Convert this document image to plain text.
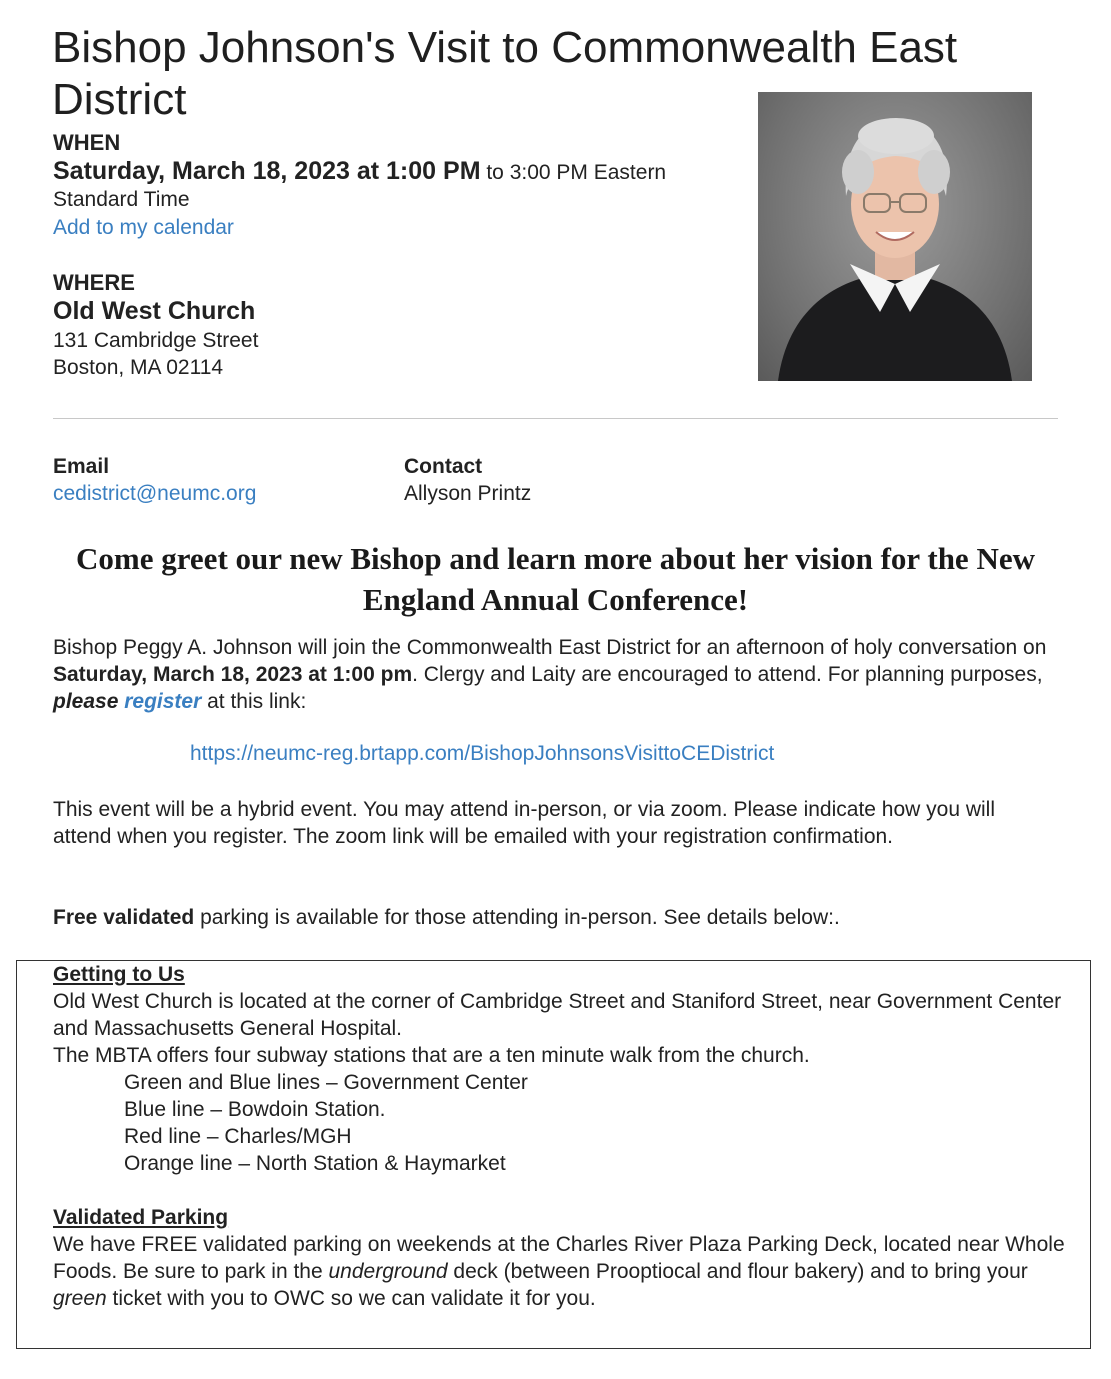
Bishop Johnson's Visit to Commonwealth East District
WHEN
Saturday, March 18, 2023 at 1:00 PM to 3:00 PM Eastern
Standard Time
Add to my calendar
WHERE
Old West Church
131 Cambridge Street
Boston, MA 02114
Email
cedistrict@neumc.org
Contact
Allyson Printz
Come greet our new Bishop and learn more about her vision for the New England Annual Conference!
Bishop Peggy A. Johnson will join the Commonwealth East District for an afternoon of holy conversation on Saturday, March 18, 2023 at 1:00 pm. Clergy and Laity are encouraged to attend. For planning purposes, please register at this link:
https://neumc-reg.brtapp.com/BishopJohnsonsVisittoCEDistrict
This event will be a hybrid event. You may attend in-person, or via zoom. Please indicate how you will attend when you register. The zoom link will be emailed with your registration confirmation.
Free validated parking is available for those attending in-person. See details below:.
Getting to Us
Old West Church is located at the corner of Cambridge Street and Staniford Street, near Government Center and Massachusetts General Hospital.
The MBTA offers four subway stations that are a ten minute walk from the church.
Green and Blue lines – Government Center
Blue line – Bowdoin Station.
Red line – Charles/MGH
Orange line – North Station & Haymarket
Validated Parking
We have FREE validated parking on weekends at the Charles River Plaza Parking Deck, located near Whole Foods. Be sure to park in the underground deck (between Prooptiocal and flour bakery) and to bring your green ticket with you to OWC so we can validate it for you.
